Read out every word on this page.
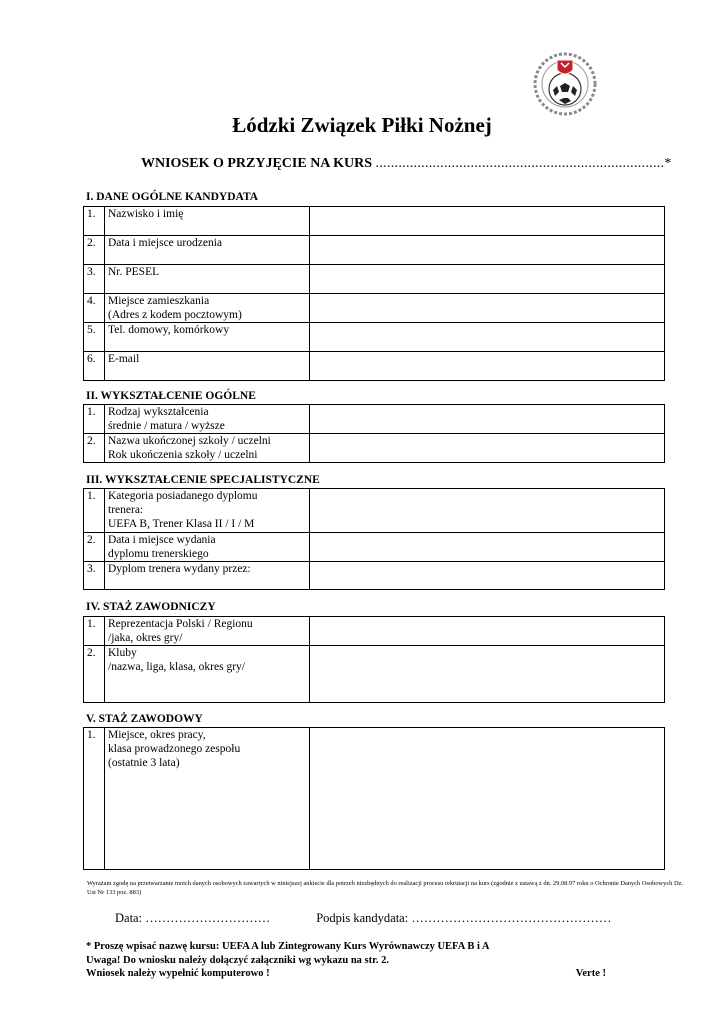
Łódzki Związek Piłki Nożnej
WNIOSEK O PRZYJĘCIE NA KURS ............................................................................*
I. DANE OGÓLNE KANDYDATA
1.	Nazwisko i imię	

2.	Data i miejsce urodzenia	

3.	Nr. PESEL	

4.	Miejsce zamieszkania
(Adres z kodem pocztowym)	

5.	Tel. domowy, komórkowy	

6.	E-mail	

II. WYKSZTAŁCENIE OGÓLNE
1.	Rodzaj wykształcenia
średnie / matura / wyższe	

2.	Nazwa ukończonej szkoły / uczelni
Rok ukończenia szkoły / uczelni	

III. WYKSZTAŁCENIE SPECJALISTYCZNE
1.	Kategoria posiadanego dyplomu
trenera:
UEFA B, Trener Klasa II / I / M	

2.	Data i miejsce wydania
dyplomu trenerskiego	

3.	Dyplom trenera wydany przez:	

IV. STAŻ ZAWODNICZY
1.	Reprezentacja Polski / Regionu
/jaka, okres gry/	

2.	Kluby
/nazwa, liga, klasa, okres gry/	

V. STAŻ ZAWODOWY
1.	Miejsce, okres pracy,
klasa prowadzonego zespołu
(ostatnie 3 lata)

Wyrażam zgodę na przetwarzanie moich danych osobowych zawartych w niniejszej ankiecie dla potrzeb niezbędnych do realizacji procesu rekrutacji na kurs (zgodnie z ustawą z dn. 29.08.97 roku o Ochronie Danych Osobowych Dz. Ust Nr 133 poz. 883)
Data: …………………………	Podpis kandydata: …………………………………………
* Proszę wpisać nazwę kursu: UEFA A lub Zintegrowany Kurs Wyrównawczy UEFA B i A
Uwaga! Do wniosku należy dołączyć załączniki wg wykazu na str. 2.
Wniosek należy wypełnić komputerowo !	Verte !
